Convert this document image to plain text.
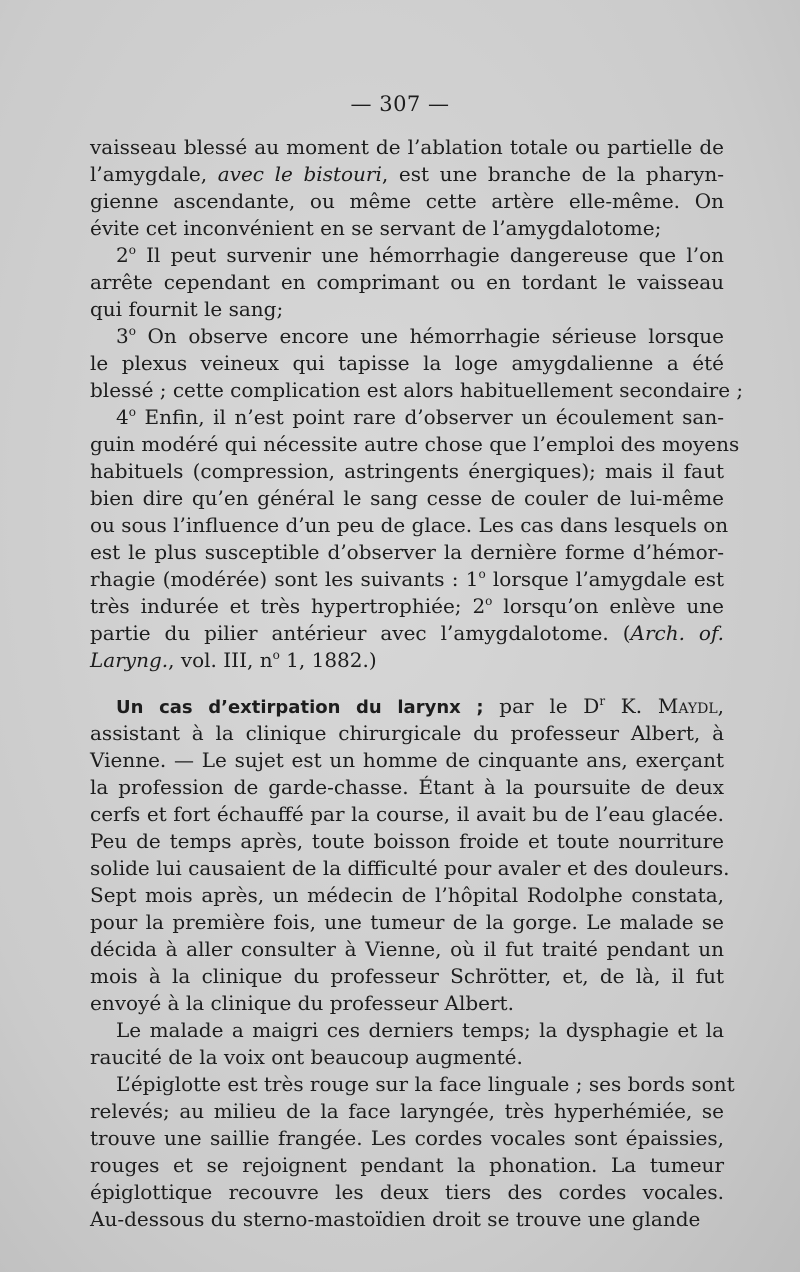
— 307 —

vaisseau blessé au moment de l’ablation totale ou partielle de

l’amygdale, avec le bistouri, est une branche de la pharyn-

gienne ascendante, ou même cette artère elle-même. On

évite cet inconvénient en se servant de l’amygdalotome;

2$^o$ Il peut survenir une hémorrhagie dangereuse que l’on

arrête cependant en comprimant ou en tordant le vaisseau

qui fournit le sang;

3$^o$ On observe encore une hémorrhagie sérieuse lorsque

le plexus veineux qui tapisse la loge amygdalienne a été

blessé ; cette complication est alors habituellement secondaire ;

4$^o$ Enfin, il n’est point rare d’observer un écoulement san-

guin modéré qui nécessite autre chose que l’emploi des moyens

habituels (compression, astringents énergiques); mais il faut

bien dire qu’en général le sang cesse de couler de lui-même

ou sous l’influence d’un peu de glace. Les cas dans lesquels on

est le plus susceptible d’observer la dernière forme d’hémor-

rhagie (modérée) sont les suivants : 1$^o$ lorsque l’amygdale est

très indurée et très hypertrophiée; 2$^o$ lorsqu’on enlève une

partie du pilier antérieur avec l’amygdalotome. (Arch. of.

Laryng., vol. III, $n^o$ 1, 1882.)

Un cas d’extirpation du larynx ; par le $D^r$ K. Maydl,

assistant à la clinique chirurgicale du professeur Albert, à

Vienne. — Le sujet est un homme de cinquante ans, exerçant

la profession de garde-chasse. Étant à la poursuite de deux

cerfs et fort échauffé par la course, il avait bu de l’eau glacée.

Peu de temps après, toute boisson froide et toute nourriture

solide lui causaient de la difficulté pour avaler et des douleurs.

Sept mois après, un médecin de l’hôpital Rodolphe constata,

pour la première fois, une tumeur de la gorge. Le malade se

décida à aller consulter à Vienne, où il fut traité pendant un

mois à la clinique du professeur Schrötter, et, de là, il fut

envoyé à la clinique du professeur Albert.

Le malade a maigri ces derniers temps; la dysphagie et la

raucité de la voix ont beaucoup augmenté.

L’épiglotte est très rouge sur la face linguale ; ses bords sont

relevés; au milieu de la face laryngée, très hyperhémiée, se

trouve une saillie frangée. Les cordes vocales sont épaissies,

rouges et se rejoignent pendant la phonation. La tumeur

épiglottique recouvre les deux tiers des cordes vocales.

Au-dessous du sterno-mastoïdien droit se trouve une glande
